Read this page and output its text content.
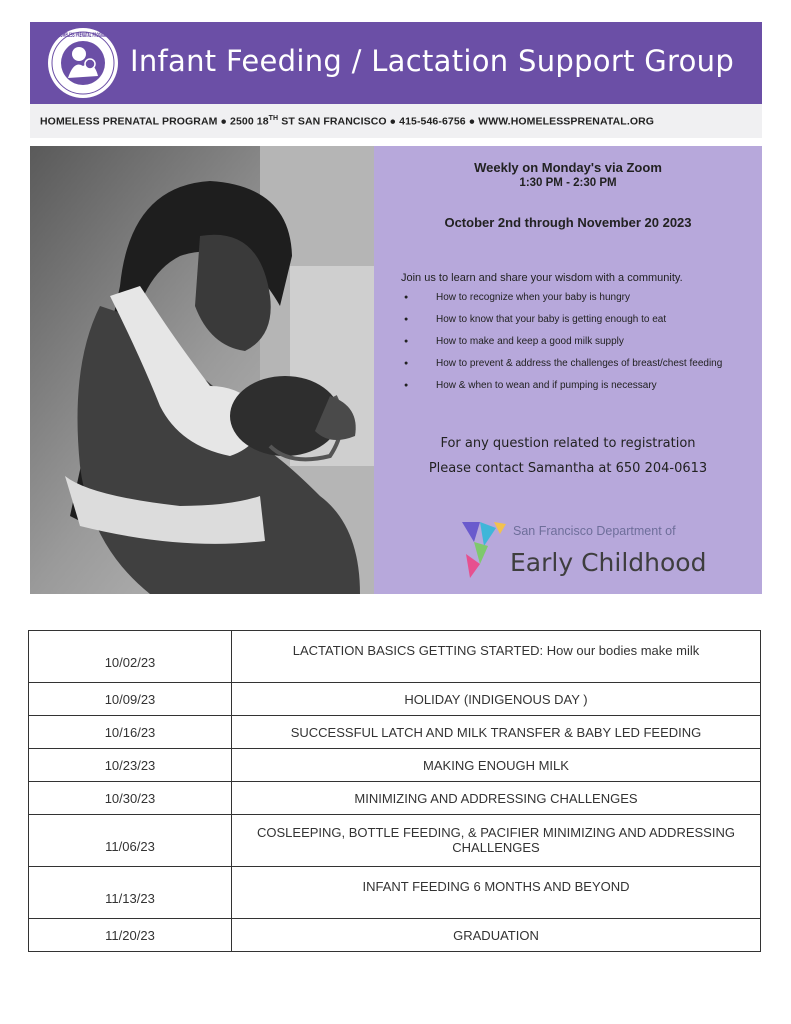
HOMELESS PRENATAL PROGRAM
Infant Feeding / Lactation Support Group
HOMELESS PRENATAL PROGRAM ● 2500 18TH ST SAN FRANCISCO ● 415-546-6756 ● WWW.HOMELESSPRENATAL.ORG
Weekly on Monday's via Zoom
1:30 PM - 2:30 PM
October 2nd through November 20 2023
Join us to learn and share your wisdom with a community.
● How to recognize when your baby is hungry
● How to know that your baby is getting enough to eat
● How to make and keep a good milk supply
● How to prevent & address the challenges of breast/chest feeding
● How & when to wean and if pumping is necessary
For any question related to registration
Please contact Samantha at 650 204-0613
San Francisco Department of
Early Childhood
10/02/23	LACTATION BASICS GETTING STARTED: How our bodies make milk
10/09/23	HOLIDAY (INDIGENOUS DAY )
10/16/23	SUCCESSFUL LATCH AND MILK TRANSFER & BABY LED FEEDING
10/23/23	MAKING ENOUGH MILK
10/30/23	MINIMIZING AND ADDRESSING CHALLENGES
11/06/23	COSLEEPING, BOTTLE FEEDING, & PACIFIER MINIMIZING AND ADDRESSING CHALLENGES
11/13/23	INFANT FEEDING 6 MONTHS AND BEYOND
11/20/23	GRADUATION
